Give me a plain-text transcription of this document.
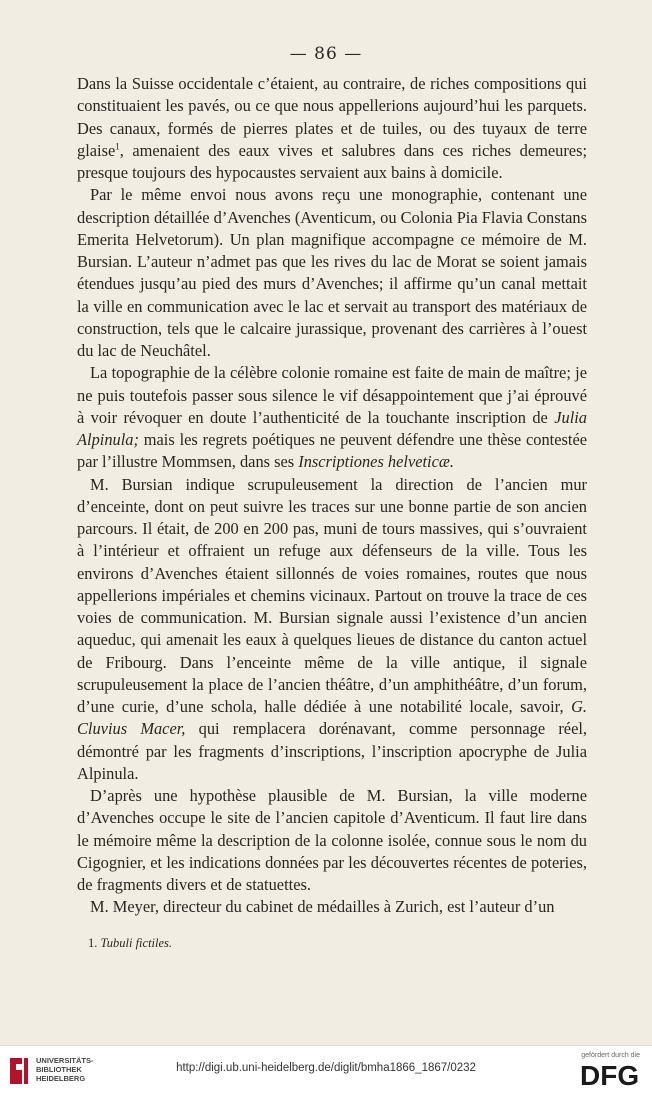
— 86 —

Dans la Suisse occidentale c’étaient, au contraire, de riches compositions qui constituaient les pavés, ou ce que nous appellerions aujourd’hui les parquets. Des canaux, formés de pierres plates et de tuiles, ou des tuyaux de terre glaise$^1$, amenaient des eaux vives et salubres dans ces riches demeures; presque toujours des hypocaustes servaient aux bains à domicile.

Par le même envoi nous avons reçu une monographie, contenant une description détaillée d’Avenches (Aventicum, ou Colonia Pia Flavia Constans Emerita Helvetorum). Un plan magnifique accompagne ce mémoire de M. Bursian. L’auteur n’admet pas que les rives du lac de Morat se soient jamais étendues jusqu’au pied des murs d’Avenches; il affirme qu’un canal mettait la ville en communication avec le lac et servait au transport des matériaux de construction, tels que le calcaire jurassique, provenant des carrières à l’ouest du lac de Neuchâtel.

La topographie de la célèbre colonie romaine est faite de main de maître; je ne puis toutefois passer sous silence le vif désappointement que j’ai éprouvé à voir révoquer en doute l’authenticité de la touchante inscription de Julia Alpinula; mais les regrets poétiques ne peuvent défendre une thèse contestée par l’illustre Mommsen, dans ses Inscriptiones helveticæ.

M. Bursian indique scrupuleusement la direction de l’ancien mur d’enceinte, dont on peut suivre les traces sur une bonne partie de son ancien parcours. Il était, de 200 en 200 pas, muni de tours massives, qui s’ouvraient à l’intérieur et offraient un refuge aux défenseurs de la ville. Tous les environs d’Avenches étaient sillonnés de voies romaines, routes que nous appellerions impériales et chemins vicinaux. Partout on trouve la trace de ces voies de communication. M. Bursian signale aussi l’existence d’un ancien aqueduc, qui amenait les eaux à quelques lieues de distance du canton actuel de Fribourg. Dans l’enceinte même de la ville antique, il signale scrupuleusement la place de l’ancien théâtre, d’un amphithéâtre, d’un forum, d’une curie, d’une schola, halle dédiée à une notabilité locale, savoir, G. Cluvius Macer, qui remplacera dorénavant, comme personnage réel, démontré par les fragments d’inscriptions, l’inscription apocryphe de Julia Alpinula.

D’après une hypothèse plausible de M. Bursian, la ville moderne d’Avenches occupe le site de l’ancien capitole d’Aventicum. Il faut lire dans le mémoire même la description de la colonne isolée, connue sous le nom du Cigognier, et les indications données par les découvertes récentes de poteries, de fragments divers et de statuettes.

M. Meyer, directeur du cabinet de médailles à Zurich, est l’auteur d’un

1. Tubuli fictiles.
UNIVERSITÄTS-
BIBLIOTHEK
HEIDELBERG
http://digi.ub.uni-heidelberg.de/diglit/bmha1866_1867/0232
gefördert durch die
DFG
